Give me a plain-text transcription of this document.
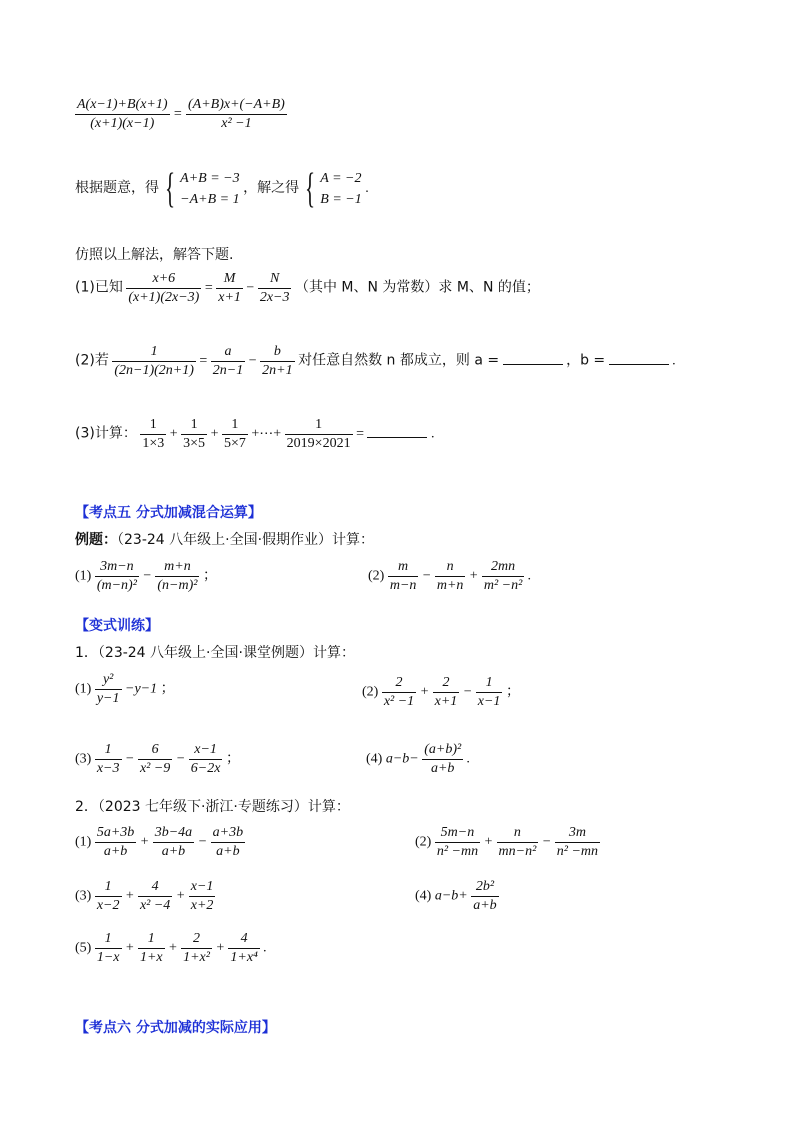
$\frac{A(x-1)+B(x+1)}{(x+1)(x-1)} = \frac{(A+B)x+(-A+B)}{\text{x² −1}}$
根据题意，得 { A+B = −3
−A+B = 1
，解之得 { A = −2
B = −1
.
仿照以上解法，解答下题.
(1)已知 $\frac{x+6}{(x+1)(2x-3)} = \frac{M}{x+1} - \frac{N}{2x-3}$ （其中 M、N 为常数）求 M、N 的值；
(2)若 $\frac{1}{(2n-1)(2n+1)} = \frac{a}{2n-1} - \frac{b}{2n+1}$ 对任意自然数 n 都成立，则 a =	，b =	.
(3)计算： $\frac{1}{1\times 3} + \frac{1}{3\times 5} + \frac{1}{5\times 7}$ +⋯+ $\frac{1}{2019\times 2021}$ =	.
【考点五 分式加减混合运算】
例题：（23-24 八年级上·全国·假期作业）计算：
$(1) \frac{3m-n}{\text{(m−n)²}} - \frac{m+n}{\text{(n−m)²}}$ ；	$(2) \frac{m}{m-n} - \frac{n}{m+n} + \frac{2mn}{\text{m² −n²}}$ .
【变式训练】
1．（23-24 八年级上·全国·课堂例题）计算：
$(1) \frac{\text{y²}}{y-1} -y-1$ ；	$(2) \frac{2}{\text{x² −1}} + \frac{2}{x+1} - \frac{1}{x-1}$ ；
$(3) \frac{1}{x-3} - \frac{6}{\text{x² −9}} - \frac{x-1}{6-2x}$ ；	(4) $a-b- \frac{\text{(a+b)²}}{a+b}$ .
2．（2023 七年级下·浙江·专题练习）计算：
$(1) \frac{5a+3b}{a+b} + \frac{3b-4a}{a+b} - \frac{a+3b}{a+b}$	$(2) \frac{5m-n}{\text{n² −mn}} + \frac{n}{\text{mn−n²}} - \frac{3m}{\text{n² −mn}}$
$(3) \frac{1}{x-2} + \frac{4}{\text{x² −4}} + \frac{x-1}{x+2}$	(4) $a-b+ \frac{\text{2b²}}{a+b}$
$(5) \frac{1}{1-x} + \frac{1}{1+x} + \frac{2}{\text{1+x²}} + \frac{4}{\text{1+x⁴}}$ .
【考点六 分式加减的实际应用】
